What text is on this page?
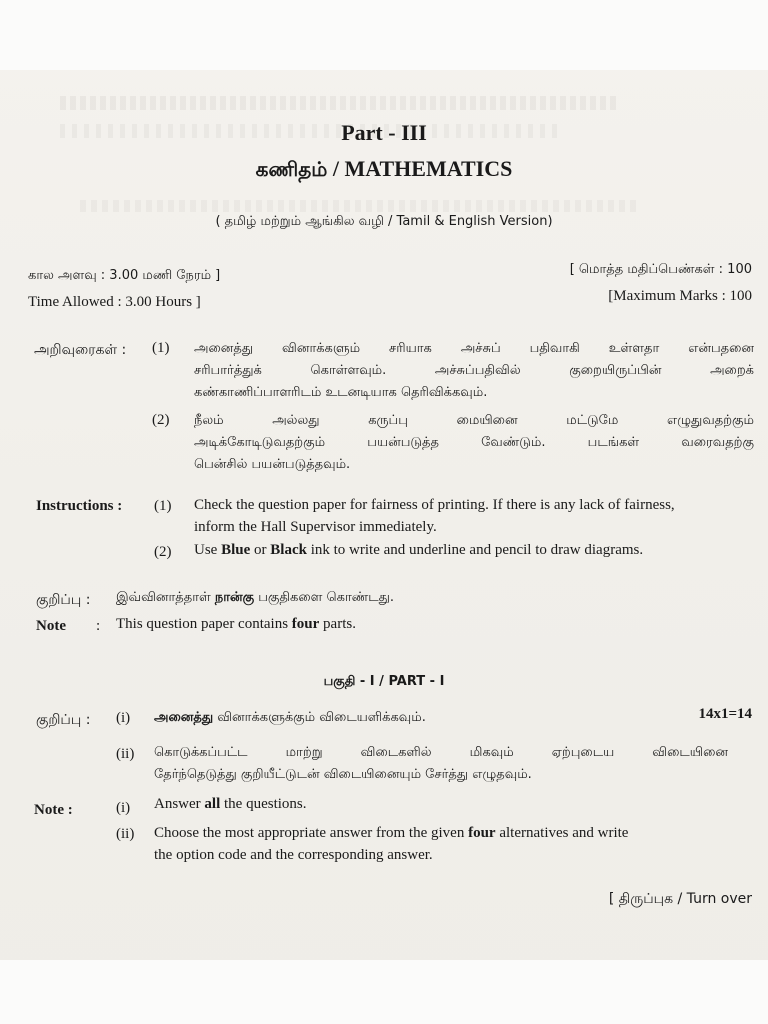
Part - III
கணிதம் / MATHEMATICS
( தமிழ் மற்றும் ஆங்கில வழி / Tamil & English Version)
கால அளவு : 3.00 மணி நேரம் ]
Time Allowed : 3.00 Hours ]
[ மொத்த மதிப்பெண்கள் : 100
[Maximum Marks : 100
அறிவுரைகள் : (1) அனைத்து வினாக்களும் சரியாக அச்சுப் பதிவாகி உள்ளதா என்பதனை
சரிபார்த்துக் கொள்ளவும். அச்சுப்பதிவில் குறையிருப்பின் அறைக்
கண்காணிப்பாளரிடம் உடனடியாக தெரிவிக்கவும்.
(2) நீலம் அல்லது கருப்பு மையினை மட்டுமே எழுதுவதற்கும்
அடிக்கோடிடுவதற்கும் பயன்படுத்த வேண்டும். படங்கள் வரைவதற்கு
பென்சில் பயன்படுத்தவும்.
Instructions : (1) Check the question paper for fairness of printing. If there is any lack of fairness,
inform the Hall Supervisor immediately.
(2) Use Blue or Black ink to write and underline and pencil to draw diagrams.
குறிப்பு : இவ்வினாத்தாள் நான்கு பகுதிகளை கொண்டது.
Note : This question paper contains four parts.
பகுதி - I / PART - I
14x1=14
குறிப்பு : (i) அனைத்து வினாக்களுக்கும் விடையளிக்கவும்.
(ii) கொடுக்கப்பட்ட மாற்று விடைகளில் மிகவும் ஏற்புடைய விடையினை
தேர்ந்தெடுத்து குறியீட்டுடன் விடையினையும் சேர்த்து எழுதவும்.
Note :	(i) Answer all the questions.
(ii) Choose the most appropriate answer from the given four alternatives and write
the option code and the corresponding answer.
[ திருப்புக / Turn over
